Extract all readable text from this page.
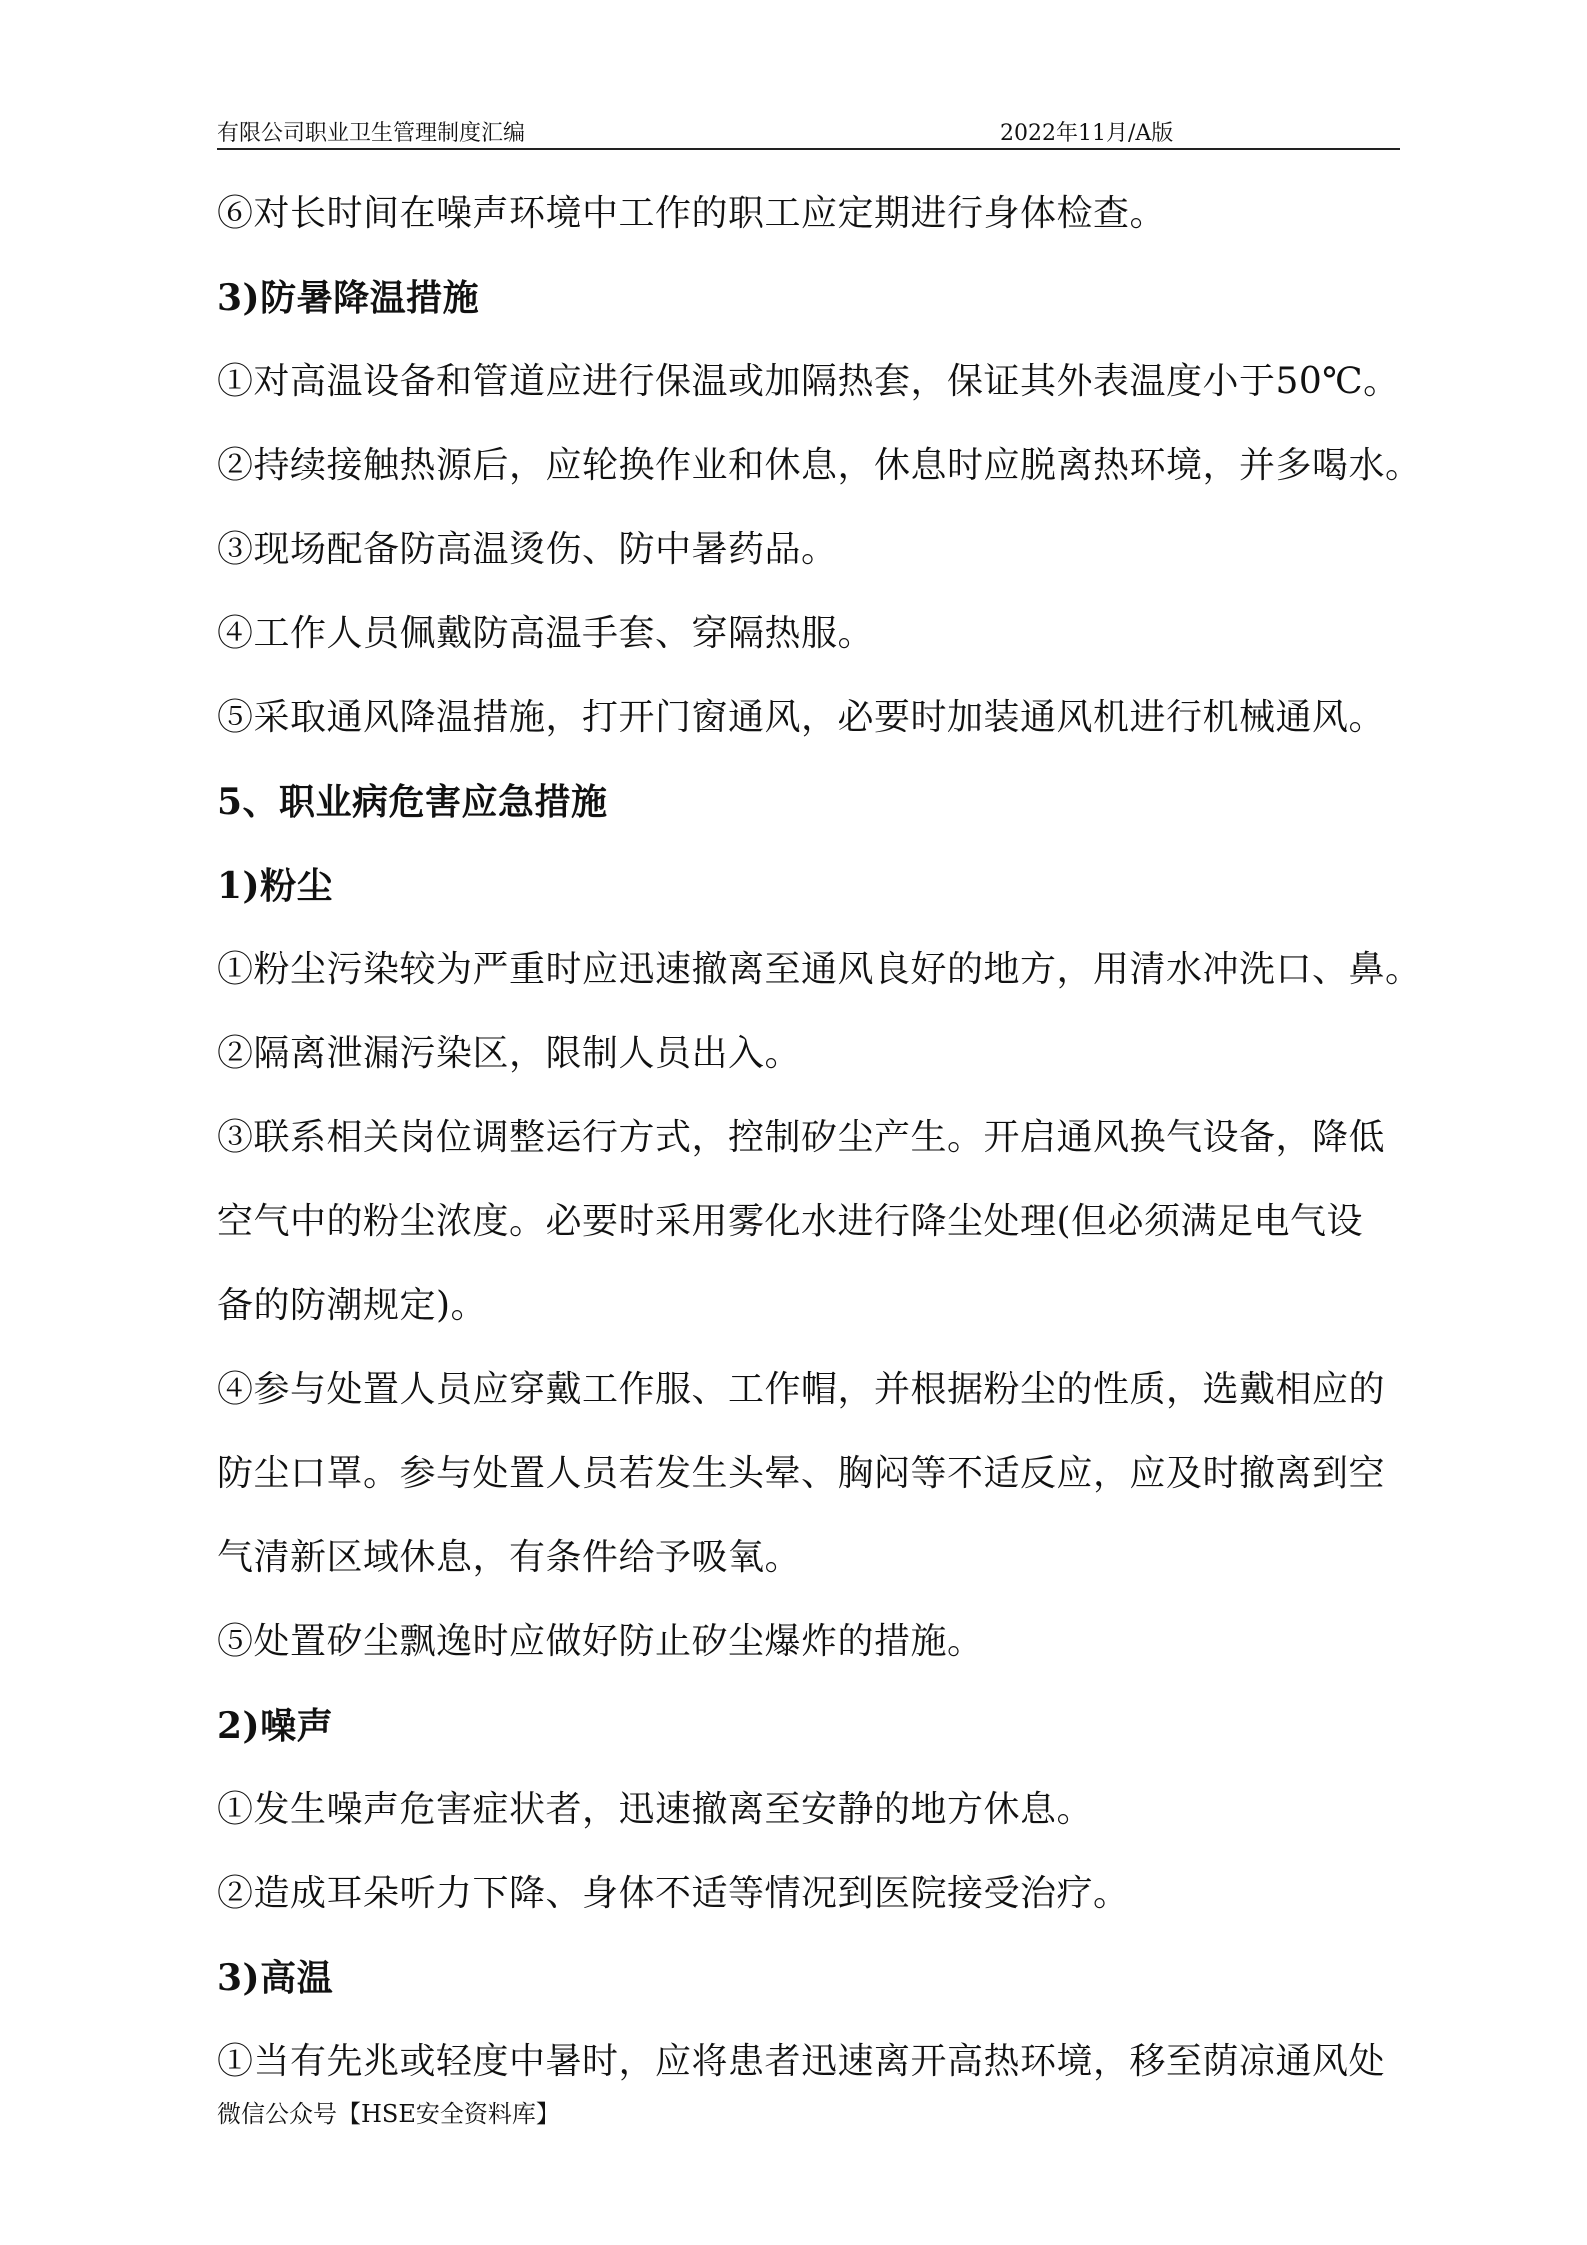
有限公司职业卫生管理制度汇编	2022年11月/A版
⑥对长时间在噪声环境中工作的职工应定期进行身体检查。
3)防暑降温措施
①对高温设备和管道应进行保温或加隔热套，保证其外表温度小于50℃。
②持续接触热源后，应轮换作业和休息，休息时应脱离热环境，并多喝水。
③现场配备防高温烫伤、防中暑药品。
④工作人员佩戴防高温手套、穿隔热服。
⑤采取通风降温措施，打开门窗通风，必要时加装通风机进行机械通风。
5、职业病危害应急措施
1)粉尘
①粉尘污染较为严重时应迅速撤离至通风良好的地方，用清水冲洗口、鼻。
②隔离泄漏污染区，限制人员出入。
③联系相关岗位调整运行方式，控制矽尘产生。开启通风换气设备，降低
空气中的粉尘浓度。必要时采用雾化水进行降尘处理(但必须满足电气设
备的防潮规定)。
④参与处置人员应穿戴工作服、工作帽，并根据粉尘的性质，选戴相应的
防尘口罩。参与处置人员若发生头晕、胸闷等不适反应，应及时撤离到空
气清新区域休息，有条件给予吸氧。
⑤处置矽尘飘逸时应做好防止矽尘爆炸的措施。
2)噪声
①发生噪声危害症状者，迅速撤离至安静的地方休息。
②造成耳朵听力下降、身体不适等情况到医院接受治疗。
3)高温
①当有先兆或轻度中暑时，应将患者迅速离开高热环境，移至荫凉通风处
微信公众号【HSE安全资料库】
